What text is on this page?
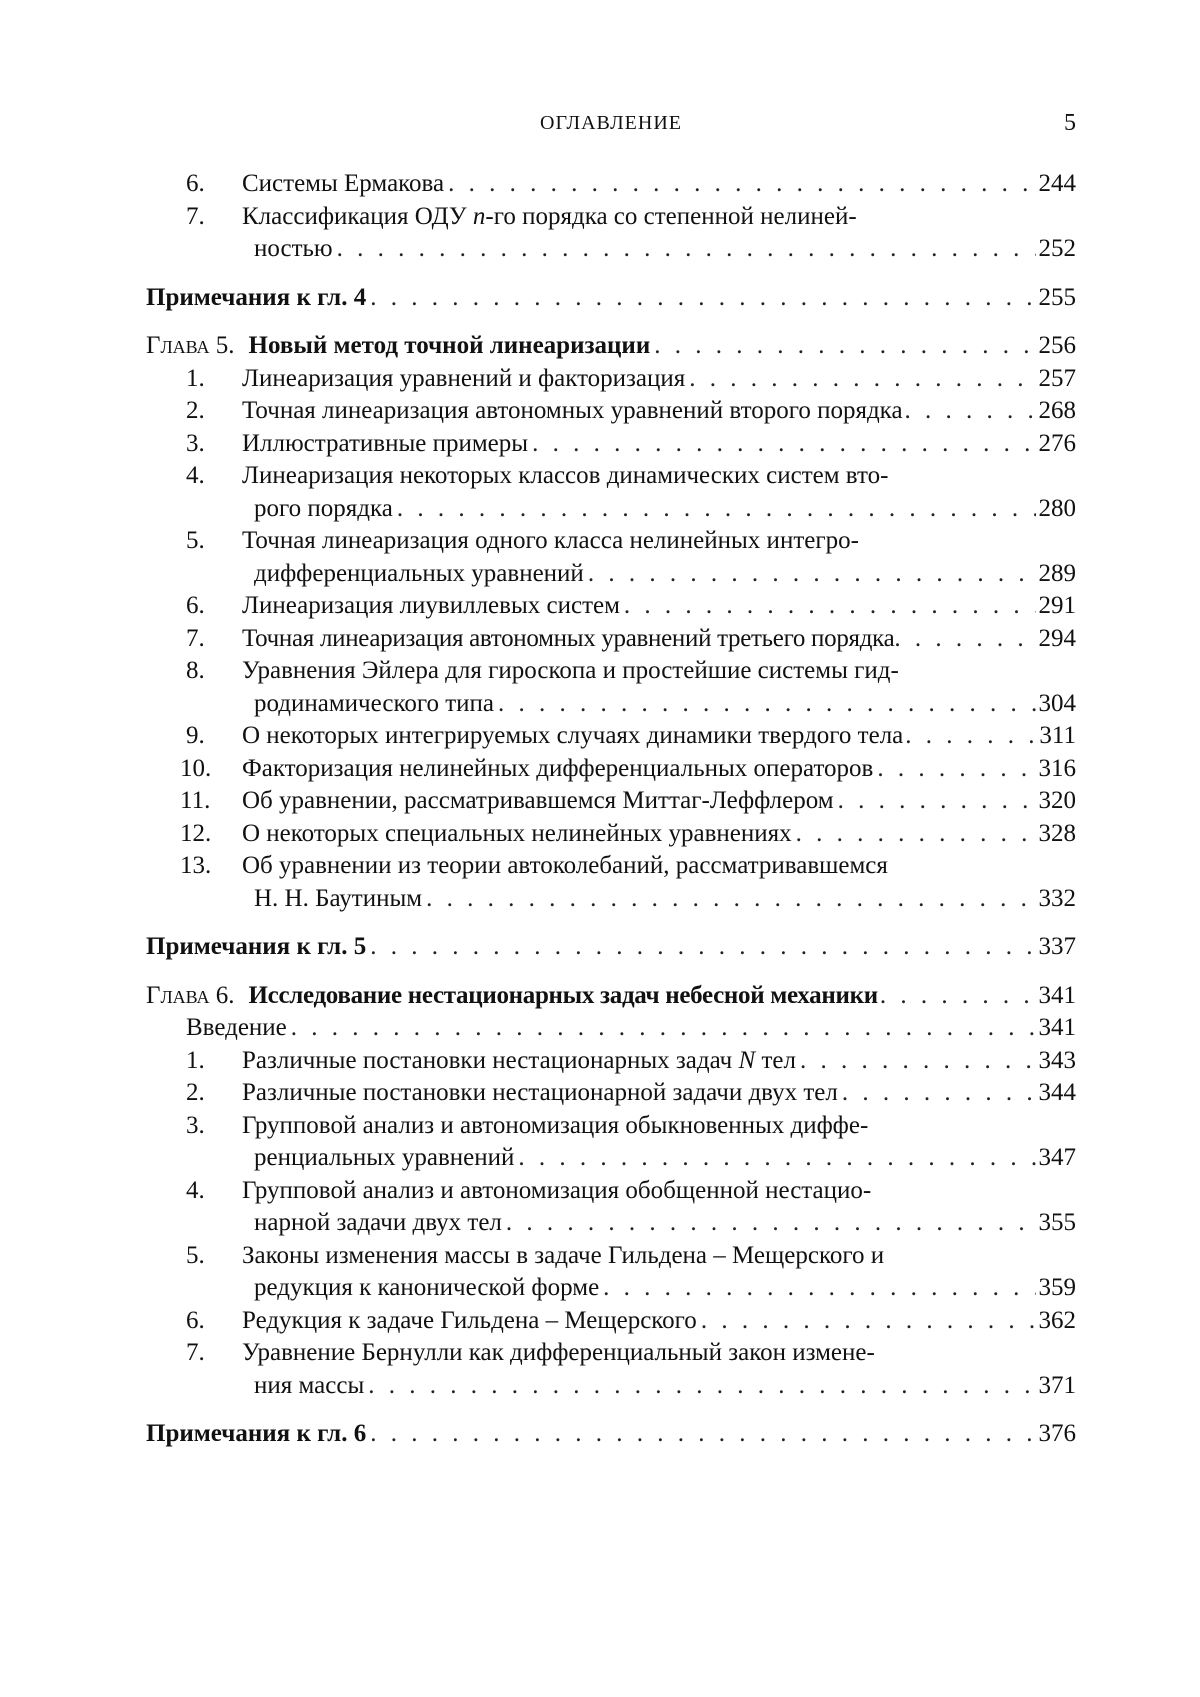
ОГЛАВЛЕНИЕ	5
6.	Системы Ермакова
. . .	244
7.	Классификация ОДУ n-го порядка со степенной нелиней-
ностью
. . .	252
Примечания к гл. 4
. . .	255
Глава 5. Новый метод точной линеаризации
. . .	256
1.	Линеаризация уравнений и факторизация
. . .	257
2.	Точная линеаризация автономных уравнений второго порядка
. . .	268
3.	Иллюстративные примеры
. . .	276
4.	Линеаризация некоторых классов динамических систем вто-
рого порядка
. . .	280
5.	Точная линеаризация одного класса нелинейных интегро-
дифференциальных уравнений
. . .	289
6.	Линеаризация лиувиллевых систем
. . .	291
7.	Точная линеаризация автономных уравнений третьего порядка
. . .	294
8.	Уравнения Эйлера для гироскопа и простейшие системы гид-
родинамического типа
. . .	304
9.	О некоторых интегрируемых случаях динамики твердого тела
. . .	311
10.	Факторизация нелинейных дифференциальных операторов
. . .	316
11.	Об уравнении, рассматривавшемся Миттаг-Леффлером
. . .	320
12.	О некоторых специальных нелинейных уравнениях
. . .	328
13.	Об уравнении из теории автоколебаний, рассматривавшемся
Н. Н. Баутиным
. . .	332
Примечания к гл. 5
. . .	337
Глава 6. Исследование нестационарных задач небесной механики
. . .	341
Введение
. . .	341
1.	Различные постановки нестационарных задач N тел
. . .	343
2.	Различные постановки нестационарной задачи двух тел
. . .	344
3.	Групповой анализ и автономизация обыкновенных диффе-
ренциальных уравнений
. . .	347
4.	Групповой анализ и автономизация обобщенной нестацио-
нарной задачи двух тел
. . .	355
5.	Законы изменения массы в задаче Гильдена – Мещерского и
редукция к канонической форме
. . .	359
6.	Редукция к задаче Гильдена – Мещерского
. . .	362
7.	Уравнение Бернулли как дифференциальный закон измене-
ния массы
. . .	371
Примечания к гл. 6
. . .	376
